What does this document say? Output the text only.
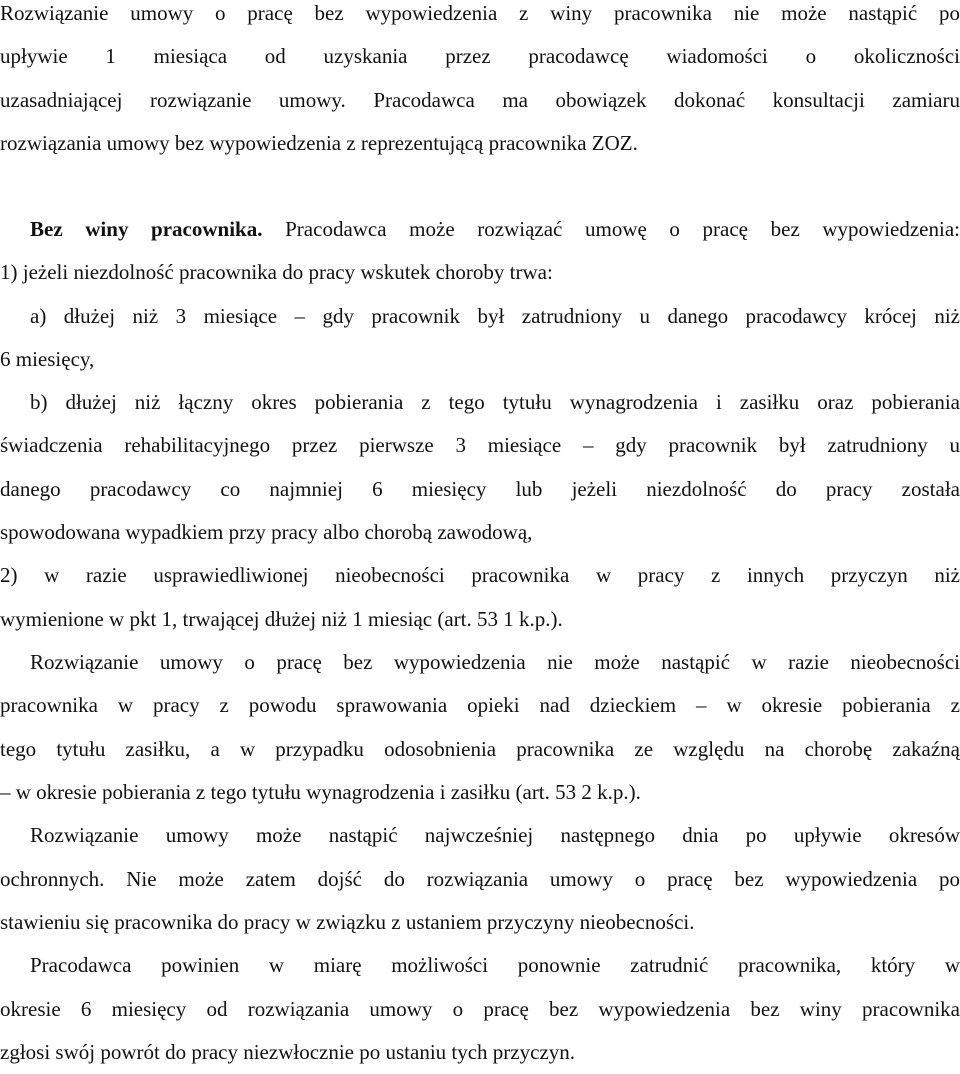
Rozwiązanie umowy o pracę bez wypowiedzenia z winy pracownika nie może nastąpić po

upływie 1 miesiąca od uzyskania przez pracodawcę wiadomości o okoliczności

uzasadniającej rozwiązanie umowy. Pracodawca ma obowiązek dokonać konsultacji zamiaru

rozwiązania umowy bez wypowiedzenia z reprezentującą pracownika ZOZ.

Bez winy pracownika. Pracodawca może rozwiązać umowę o pracę bez wypowiedzenia:

1) jeżeli niezdolność pracownika do pracy wskutek choroby trwa:

a) dłużej niż 3 miesiące – gdy pracownik był zatrudniony u danego pracodawcy krócej niż

6 miesięcy,

b) dłużej niż łączny okres pobierania z tego tytułu wynagrodzenia i zasiłku oraz pobierania

świadczenia rehabilitacyjnego przez pierwsze 3 miesiące – gdy pracownik był zatrudniony u

danego pracodawcy co najmniej 6 miesięcy lub jeżeli niezdolność do pracy została

spowodowana wypadkiem przy pracy albo chorobą zawodową,

2) w razie usprawiedliwionej nieobecności pracownika w pracy z innych przyczyn niż

wymienione w pkt 1, trwającej dłużej niż 1 miesiąc (art. 53 1 k.p.).

Rozwiązanie umowy o pracę bez wypowiedzenia nie może nastąpić w razie nieobecności

pracownika w pracy z powodu sprawowania opieki nad dzieckiem – w okresie pobierania z

tego tytułu zasiłku, a w przypadku odosobnienia pracownika ze względu na chorobę zakaźną

– w okresie pobierania z tego tytułu wynagrodzenia i zasiłku (art. 53 2 k.p.).

Rozwiązanie umowy może nastąpić najwcześniej następnego dnia po upływie okresów

ochronnych. Nie może zatem dojść do rozwiązania umowy o pracę bez wypowiedzenia po

stawieniu się pracownika do pracy w związku z ustaniem przyczyny nieobecności.

Pracodawca powinien w miarę możliwości ponownie zatrudnić pracownika, który w

okresie 6 miesięcy od rozwiązania umowy o pracę bez wypowiedzenia bez winy pracownika

zgłosi swój powrót do pracy niezwłocznie po ustaniu tych przyczyn.
